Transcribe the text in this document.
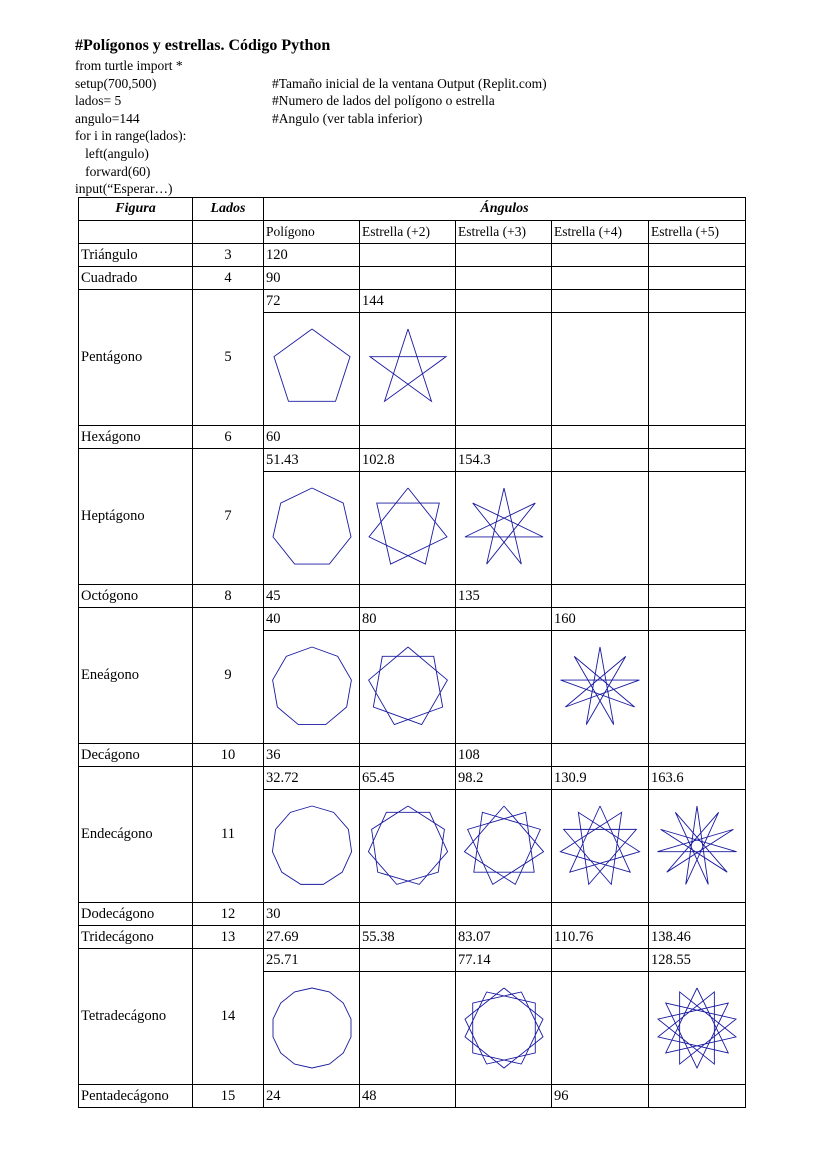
#Polígonos y estrellas. Código Python
from turtle import *
setup(700,500)	#Tamaño inicial de la ventana Output (Replit.com)
lados= 5	#Numero de lados del polígono o estrella
angulo=144	#Angulo (ver tabla inferior)
for i in range(lados):
left(angulo)
forward(60)
input(“Esperar…)
Figura	Lados	Ángulos				
		Polígono	Estrella (+2)	Estrella (+3)	Estrella (+4)	Estrella (+5)
Triángulo	3	120				
Cuadrado	4	90				
Pentágono	5	72	144			

Hexágono	6	60				
Heptágono	7	51.43	102.8	154.3		

Octógono	8	45		135		
Eneágono	9	40	80		160	

Decágono	10	36		108		
Endecágono	11	32.72	65.45	98.2	130.9	163.6

Dodecágono	12	30				
Tridecágono	13	27.69	55.38	83.07	110.76	138.46
Tetradecágono	14	25.71		77.14		128.55

Pentadecágono	15	24	48		96	
